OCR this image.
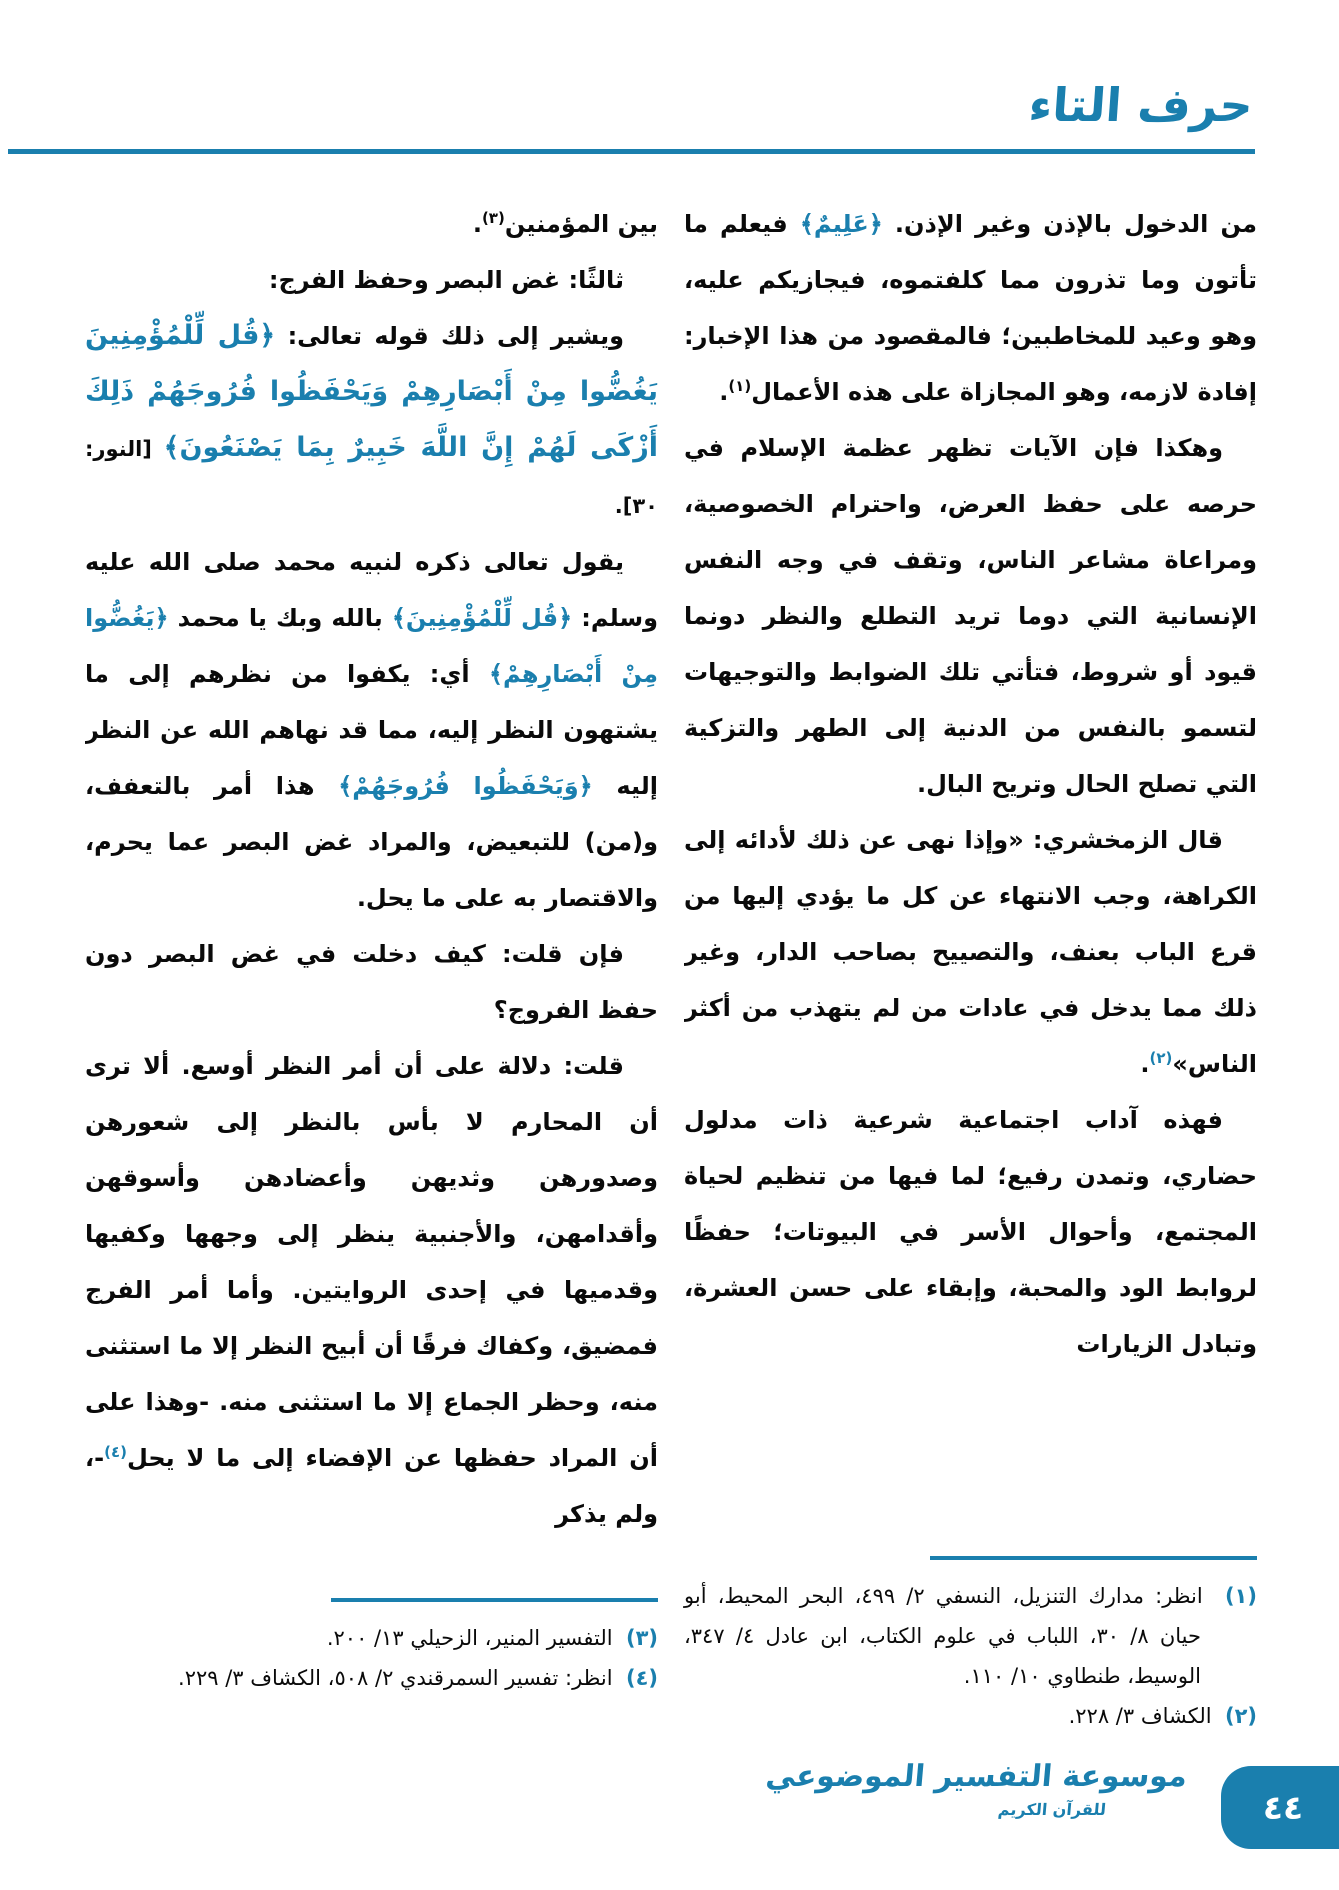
حرف التاء

من الدخول بالإذن وغير الإذن. ﴿عَلِيمٌ﴾ فيعلم ما تأتون وما تذرون مما كلفتموه، فيجازيكم عليه، وهو وعيد للمخاطبين؛ فالمقصود من هذا الإخبار: إفادة لازمه، وهو المجازاة على هذه الأعمال$^{(١)}$.

وهكذا فإن الآيات تظهر عظمة الإسلام في حرصه على حفظ العرض، واحترام الخصوصية، ومراعاة مشاعر الناس، وتقف في وجه النفس الإنسانية التي دوما تريد التطلع والنظر دونما قيود أو شروط، فتأتي تلك الضوابط والتوجيهات لتسمو بالنفس من الدنية إلى الطهر والتزكية التي تصلح الحال وتريح البال.

قال الزمخشري: «وإذا نهى عن ذلك لأدائه إلى الكراهة، وجب الانتهاء عن كل ما يؤدي إليها من قرع الباب بعنف، والتصييح بصاحب الدار، وغير ذلك مما يدخل في عادات من لم يتهذب من أكثر الناس»$^{(٢)}$.

فهذه آداب اجتماعية شرعية ذات مدلول حضاري، وتمدن رفيع؛ لما فيها من تنظيم لحياة المجتمع، وأحوال الأسر في البيوتات؛ حفظًا لروابط الود والمحبة، وإبقاء على حسن العشرة، وتبادل الزيارات

بين المؤمنين$^{(٣)}$.

ثالثًا: غض البصر وحفظ الفرج:

ويشير إلى ذلك قوله تعالى: ﴿قُل لِّلْمُؤْمِنِينَ يَغُضُّوا مِنْ أَبْصَارِهِمْ وَيَحْفَظُوا فُرُوجَهُمْ ذَلِكَ أَزْكَى لَهُمْ إِنَّ اللَّهَ خَبِيرٌ بِمَا يَصْنَعُونَ﴾ [النور: ٣٠].

يقول تعالى ذكره لنبيه محمد صلى الله عليه وسلم: ﴿قُل لِّلْمُؤْمِنِينَ﴾ بالله وبك يا محمد ﴿يَغُضُّوا مِنْ أَبْصَارِهِمْ﴾ أي: يكفوا من نظرهم إلى ما يشتهون النظر إليه، مما قد نهاهم الله عن النظر إليه ﴿وَيَحْفَظُوا فُرُوجَهُمْ﴾ هذا أمر بالتعفف، و(من) للتبعيض، والمراد غض البصر عما يحرم، والاقتصار به على ما يحل.

فإن قلت: كيف دخلت في غض البصر دون حفظ الفروج؟

قلت: دلالة على أن أمر النظر أوسع. ألا ترى أن المحارم لا بأس بالنظر إلى شعورهن وصدورهن وثديهن وأعضادهن وأسوقهن وأقدامهن، والأجنبية ينظر إلى وجهها وكفيها وقدميها في إحدى الروايتين. وأما أمر الفرج فمضيق، وكفاك فرقًا أن أبيح النظر إلا ما استثنى منه، وحظر الجماع إلا ما استثنى منه. -وهذا على أن المراد حفظها عن الإفضاء إلى ما لا يحل$^{(٤)}$-، ولم يذكر

(١)  انظر: مدارك التنزيل، النسفي ٢/ ٤٩٩، البحر المحيط، أبو حيان ٨/ ٣٠، اللباب في علوم الكتاب، ابن عادل ٤/ ٣٤٧، الوسيط، طنطاوي ١٠/ ١١٠.

(٢)  الكشاف ٣/ ٢٢٨.

(٣)  التفسير المنير، الزحيلي ١٣/ ٢٠٠.

(٤)  انظر: تفسير السمرقندي ٢/ ٥٠٨، الكشاف ٣/ ٢٢٩.

موسوعة التفسير الموضوعي
للقرآن الكريم	٤٤
